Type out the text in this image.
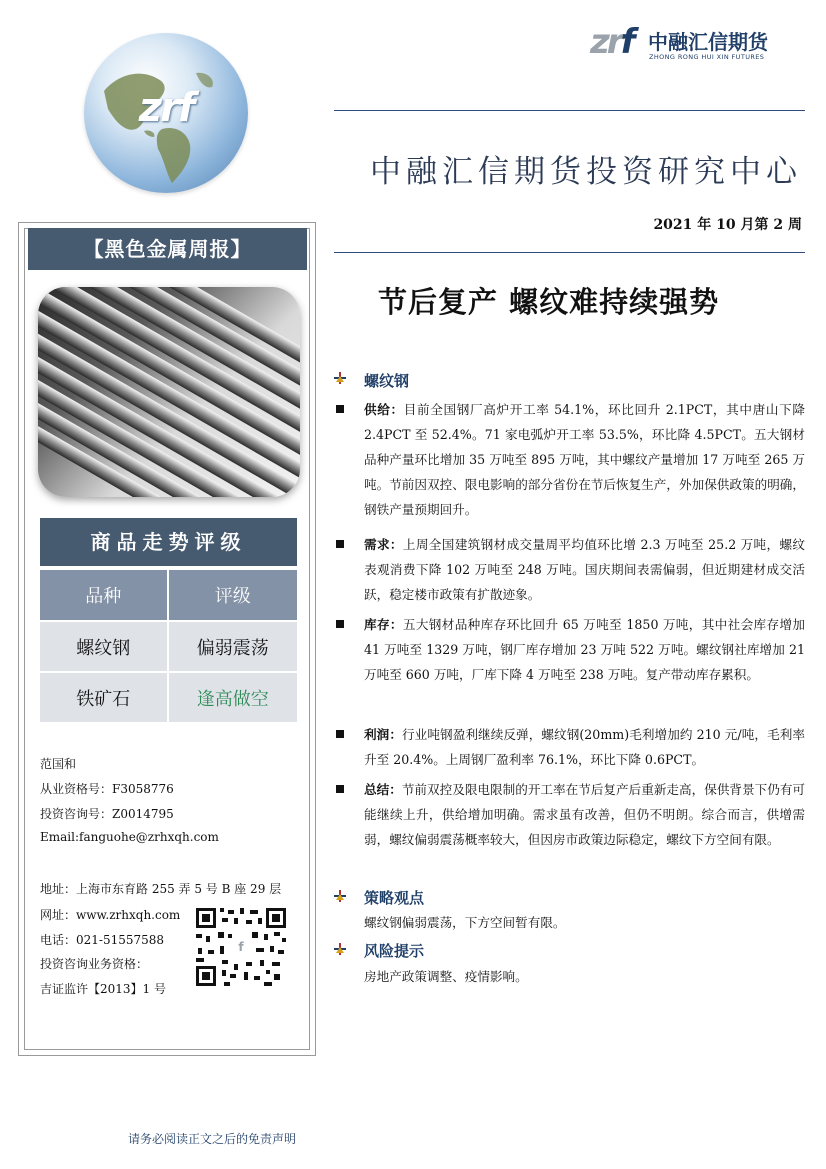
zrf
zrf 中融汇信期货
ZHONG RONG HUI XIN FUTURES
中融汇信期货投资研究中心
2021 年 10 月第 2 周
节后复产 螺纹难持续强势
【黑色金属周报】
商品走势评级
品种	评级
螺纹钢	偏弱震荡
铁矿石	逢高做空
范国和
从业资格号：F3058776
投资咨询号：Z0014795
Email:fanguohe@zrhxqh.com
地址：上海市东育路 255 弄 5 号 B 座 29 层
网址：www.zrhxqh.com
电话：021-51557588
投资咨询业务资格：
吉证监许【2013】1 号
f
螺纹钢
供给：目前全国钢厂高炉开工率 54.1%，环比回升 2.1PCT，其中唐山下降 2.4PCT 至 52.4%。71 家电弧炉开工率 53.5%，环比降 4.5PCT。五大钢材品种产量环比增加 35 万吨至 895 万吨，其中螺纹产量增加 17 万吨至 265 万吨。节前因双控、限电影响的部分省份在节后恢复生产，外加保供政策的明确，钢铁产量预期回升。
需求：上周全国建筑钢材成交量周平均值环比增 2.3 万吨至 25.2 万吨，螺纹表观消费下降 102 万吨至 248 万吨。国庆期间表需偏弱，但近期建材成交活跃，稳定楼市政策有扩散迹象。
库存：五大钢材品种库存环比回升 65 万吨至 1850 万吨，其中社会库存增加 41 万吨至 1329 万吨，钢厂库存增加 23 万吨 522 万吨。螺纹钢社库增加 21 万吨至 660 万吨，厂库下降 4 万吨至 238 万吨。复产带动库存累积。
利润：行业吨钢盈利继续反弹，螺纹钢(20mm)毛利增加约 210 元/吨，毛利率升至 20.4%。上周钢厂盈利率 76.1%，环比下降 0.6PCT。
总结：节前双控及限电限制的开工率在节后复产后重新走高，保供背景下仍有可能继续上升，供给增加明确。需求虽有改善，但仍不明朗。综合而言，供增需弱，螺纹偏弱震荡概率较大，但因房市政策边际稳定，螺纹下方空间有限。
策略观点
螺纹钢偏弱震荡，下方空间暂有限。
风险提示
房地产政策调整、疫情影响。
请务必阅读正文之后的免责声明
